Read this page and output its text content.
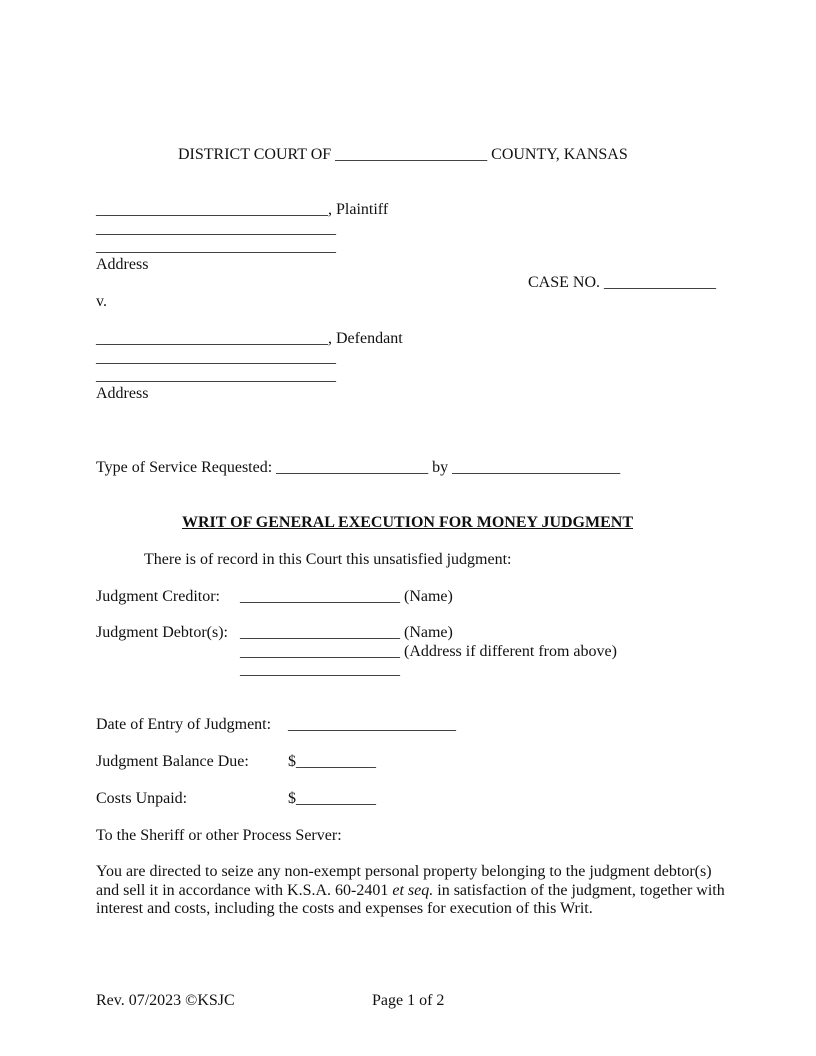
DISTRICT COURT OF ___________________ COUNTY, KANSAS
_____________________________, Plaintiff
______________________________
______________________________
Address
CASE NO. ______________
v.
_____________________________, Defendant
______________________________
______________________________
Address
Type of Service Requested: ___________________ by _____________________
WRIT OF GENERAL EXECUTION FOR MONEY JUDGMENT
There is of record in this Court this unsatisfied judgment:
Judgment Creditor: ____________________ (Name)
Judgment Debtor(s): ____________________ (Name)
____________________ (Address if different from above)
____________________
Date of Entry of Judgment: _____________________
Judgment Balance Due: $__________
Costs Unpaid:	$__________
To the Sheriff or other Process Server:
You are directed to seize any non-exempt personal property belonging to the judgment debtor(s)
and sell it in accordance with K.S.A. 60-2401 et seq. in satisfaction of the judgment, together with
interest and costs, including the costs and expenses for execution of this Writ.
Rev. 07/2023 ©KSJC	Page 1 of 2
